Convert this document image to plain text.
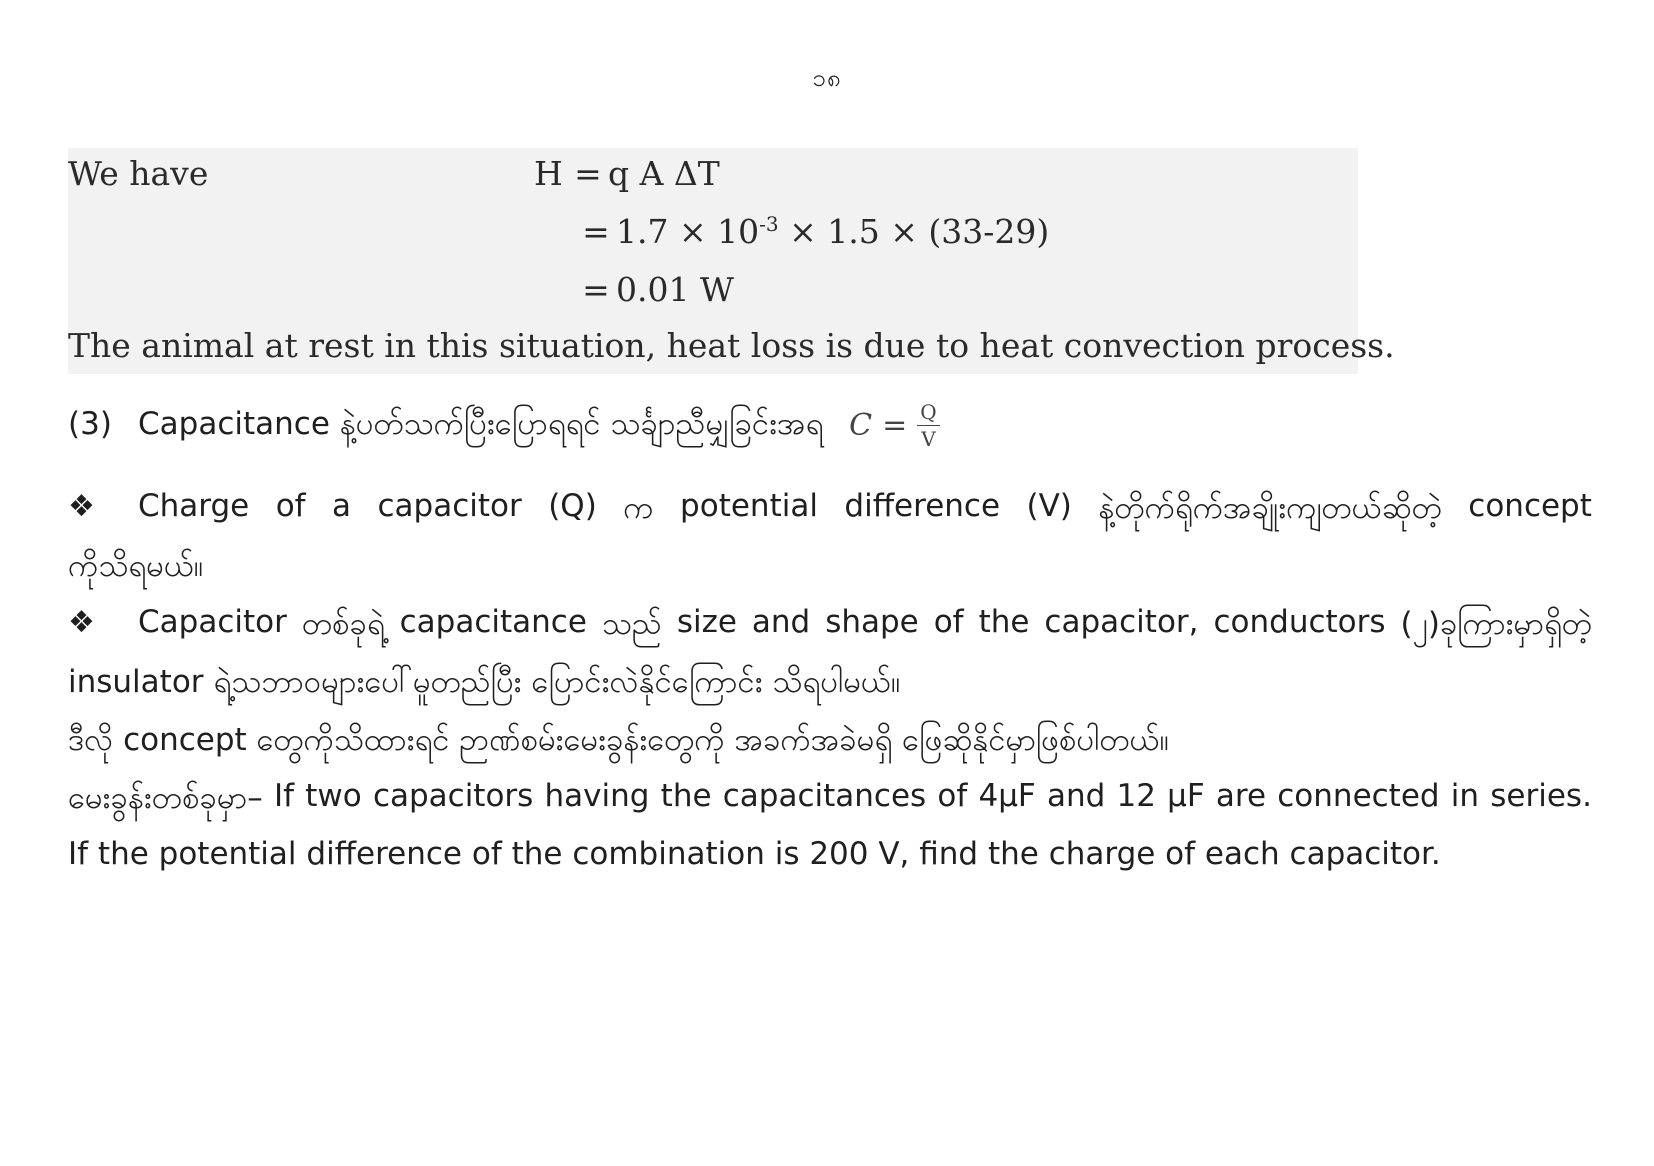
၁၈
We have	H = q A ΔT
= $1.7 \times 10^{-3} \times 1.5 \times (33-29)$
= 0.01 W
The animal at rest in this situation, heat loss is due to heat convection process.
(3) Capacitance နဲ့ပတ်သက်ပြီးပြောရရင် သင်္ချာညီမျှခြင်းအရ $C = \frac{Q}{V}$
❖ Charge of a capacitor (Q) က potential difference (V) နဲ့တိုက်ရိုက်အချိုးကျတယ်ဆိုတဲ့ concept
ကိုသိရမယ်။
❖ Capacitor တစ်ခုရဲ့ capacitance သည် size and shape of the capacitor, conductors (၂)ခုကြားမှာရှိတဲ့
insulator ရဲ့သဘာဝများပေါ်မူတည်ပြီး ပြောင်းလဲနိုင်ကြောင်း သိရပါမယ်။
ဒီလို concept တွေကိုသိထားရင် ဉာဏ်စမ်းမေးခွန်းတွေကို အခက်အခဲမရှိ ဖြေဆိုနိုင်မှာဖြစ်ပါတယ်။
မေးခွန်းတစ်ခုမှာ– If two capacitors having the capacitances of 4μF and 12 μF are connected in series.
If the potential difference of the combination is 200 V, find the charge of each capacitor.
